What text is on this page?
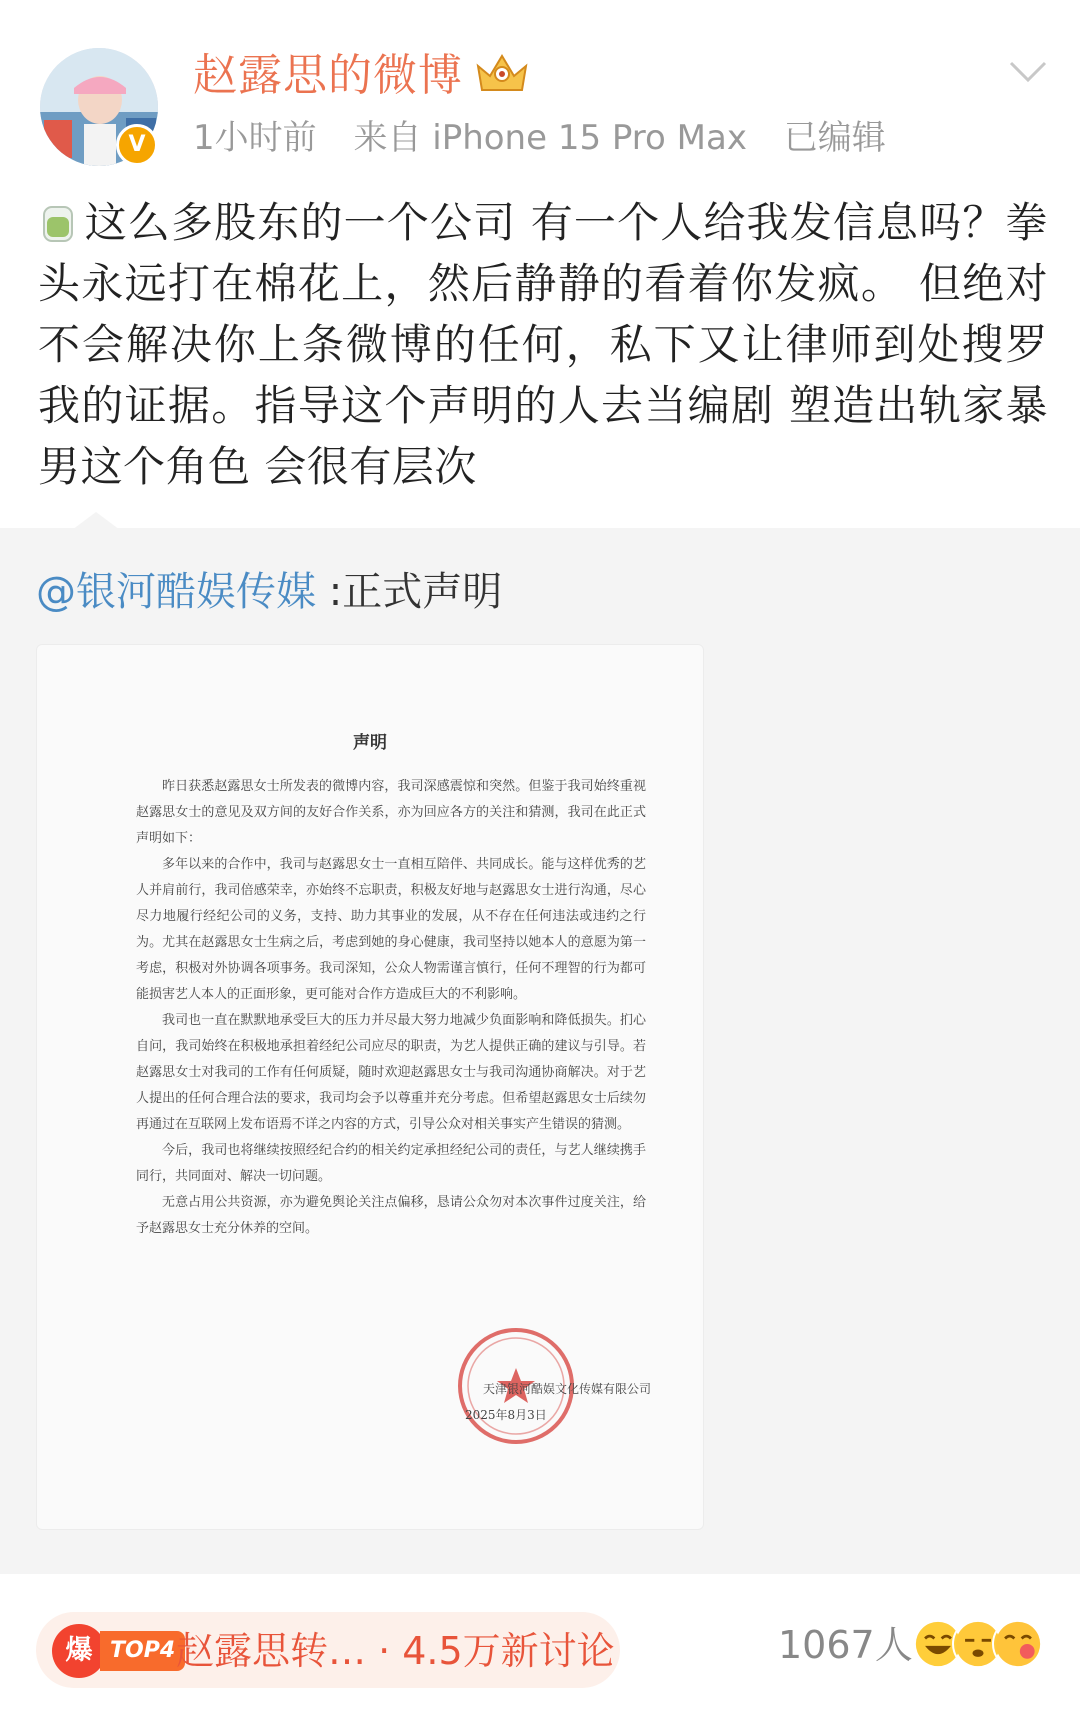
V
赵露思的微博
1小时前 来自 iPhone 15 Pro Max 已编辑
这么多股东的一个公司 有一个人给我发信息吗？拳头永远打在棉花上，然后静静的看着你发疯。 但绝对不会解决你上条微博的任何，私下又让律师到处搜罗我的证据。指导这个声明的人去当编剧 塑造出轨家暴男这个角色 会很有层次
@银河酷娱传媒 :正式声明
声明

昨日获悉赵露思女士所发表的微博内容，我司深感震惊和突然。但鉴于我司始终重视赵露思女士的意见及双方间的友好合作关系，亦为回应各方的关注和猜测，我司在此正式声明如下：

多年以来的合作中，我司与赵露思女士一直相互陪伴、共同成长。能与这样优秀的艺人并肩前行，我司倍感荣幸，亦始终不忘职责，积极友好地与赵露思女士进行沟通，尽心尽力地履行经纪公司的义务，支持、助力其事业的发展，从不存在任何违法或违约之行为。尤其在赵露思女士生病之后，考虑到她的身心健康，我司坚持以她本人的意愿为第一考虑，积极对外协调各项事务。我司深知，公众人物需谨言慎行，任何不理智的行为都可能损害艺人本人的正面形象，更可能对合作方造成巨大的不利影响。

我司也一直在默默地承受巨大的压力并尽最大努力地减少负面影响和降低损失。扪心自问，我司始终在积极地承担着经纪公司应尽的职责，为艺人提供正确的建议与引导。若赵露思女士对我司的工作有任何质疑，随时欢迎赵露思女士与我司沟通协商解决。对于艺人提出的任何合理合法的要求，我司均会予以尊重并充分考虑。但希望赵露思女士后续勿再通过在互联网上发布语焉不详之内容的方式，引导公众对相关事实产生错误的猜测。

今后，我司也将继续按照经纪合约的相关约定承担经纪公司的责任，与艺人继续携手同行，共同面对、解决一切问题。

无意占用公共资源，亦为避免舆论关注点偏移，恳请公众勿对本次事件过度关注，给予赵露思女士充分休养的空间。

天津银河酷娱文化传媒有限公司
2025年8月3日
爆 TOP4 赵露思转… · 4.5万新讨论	1067人
